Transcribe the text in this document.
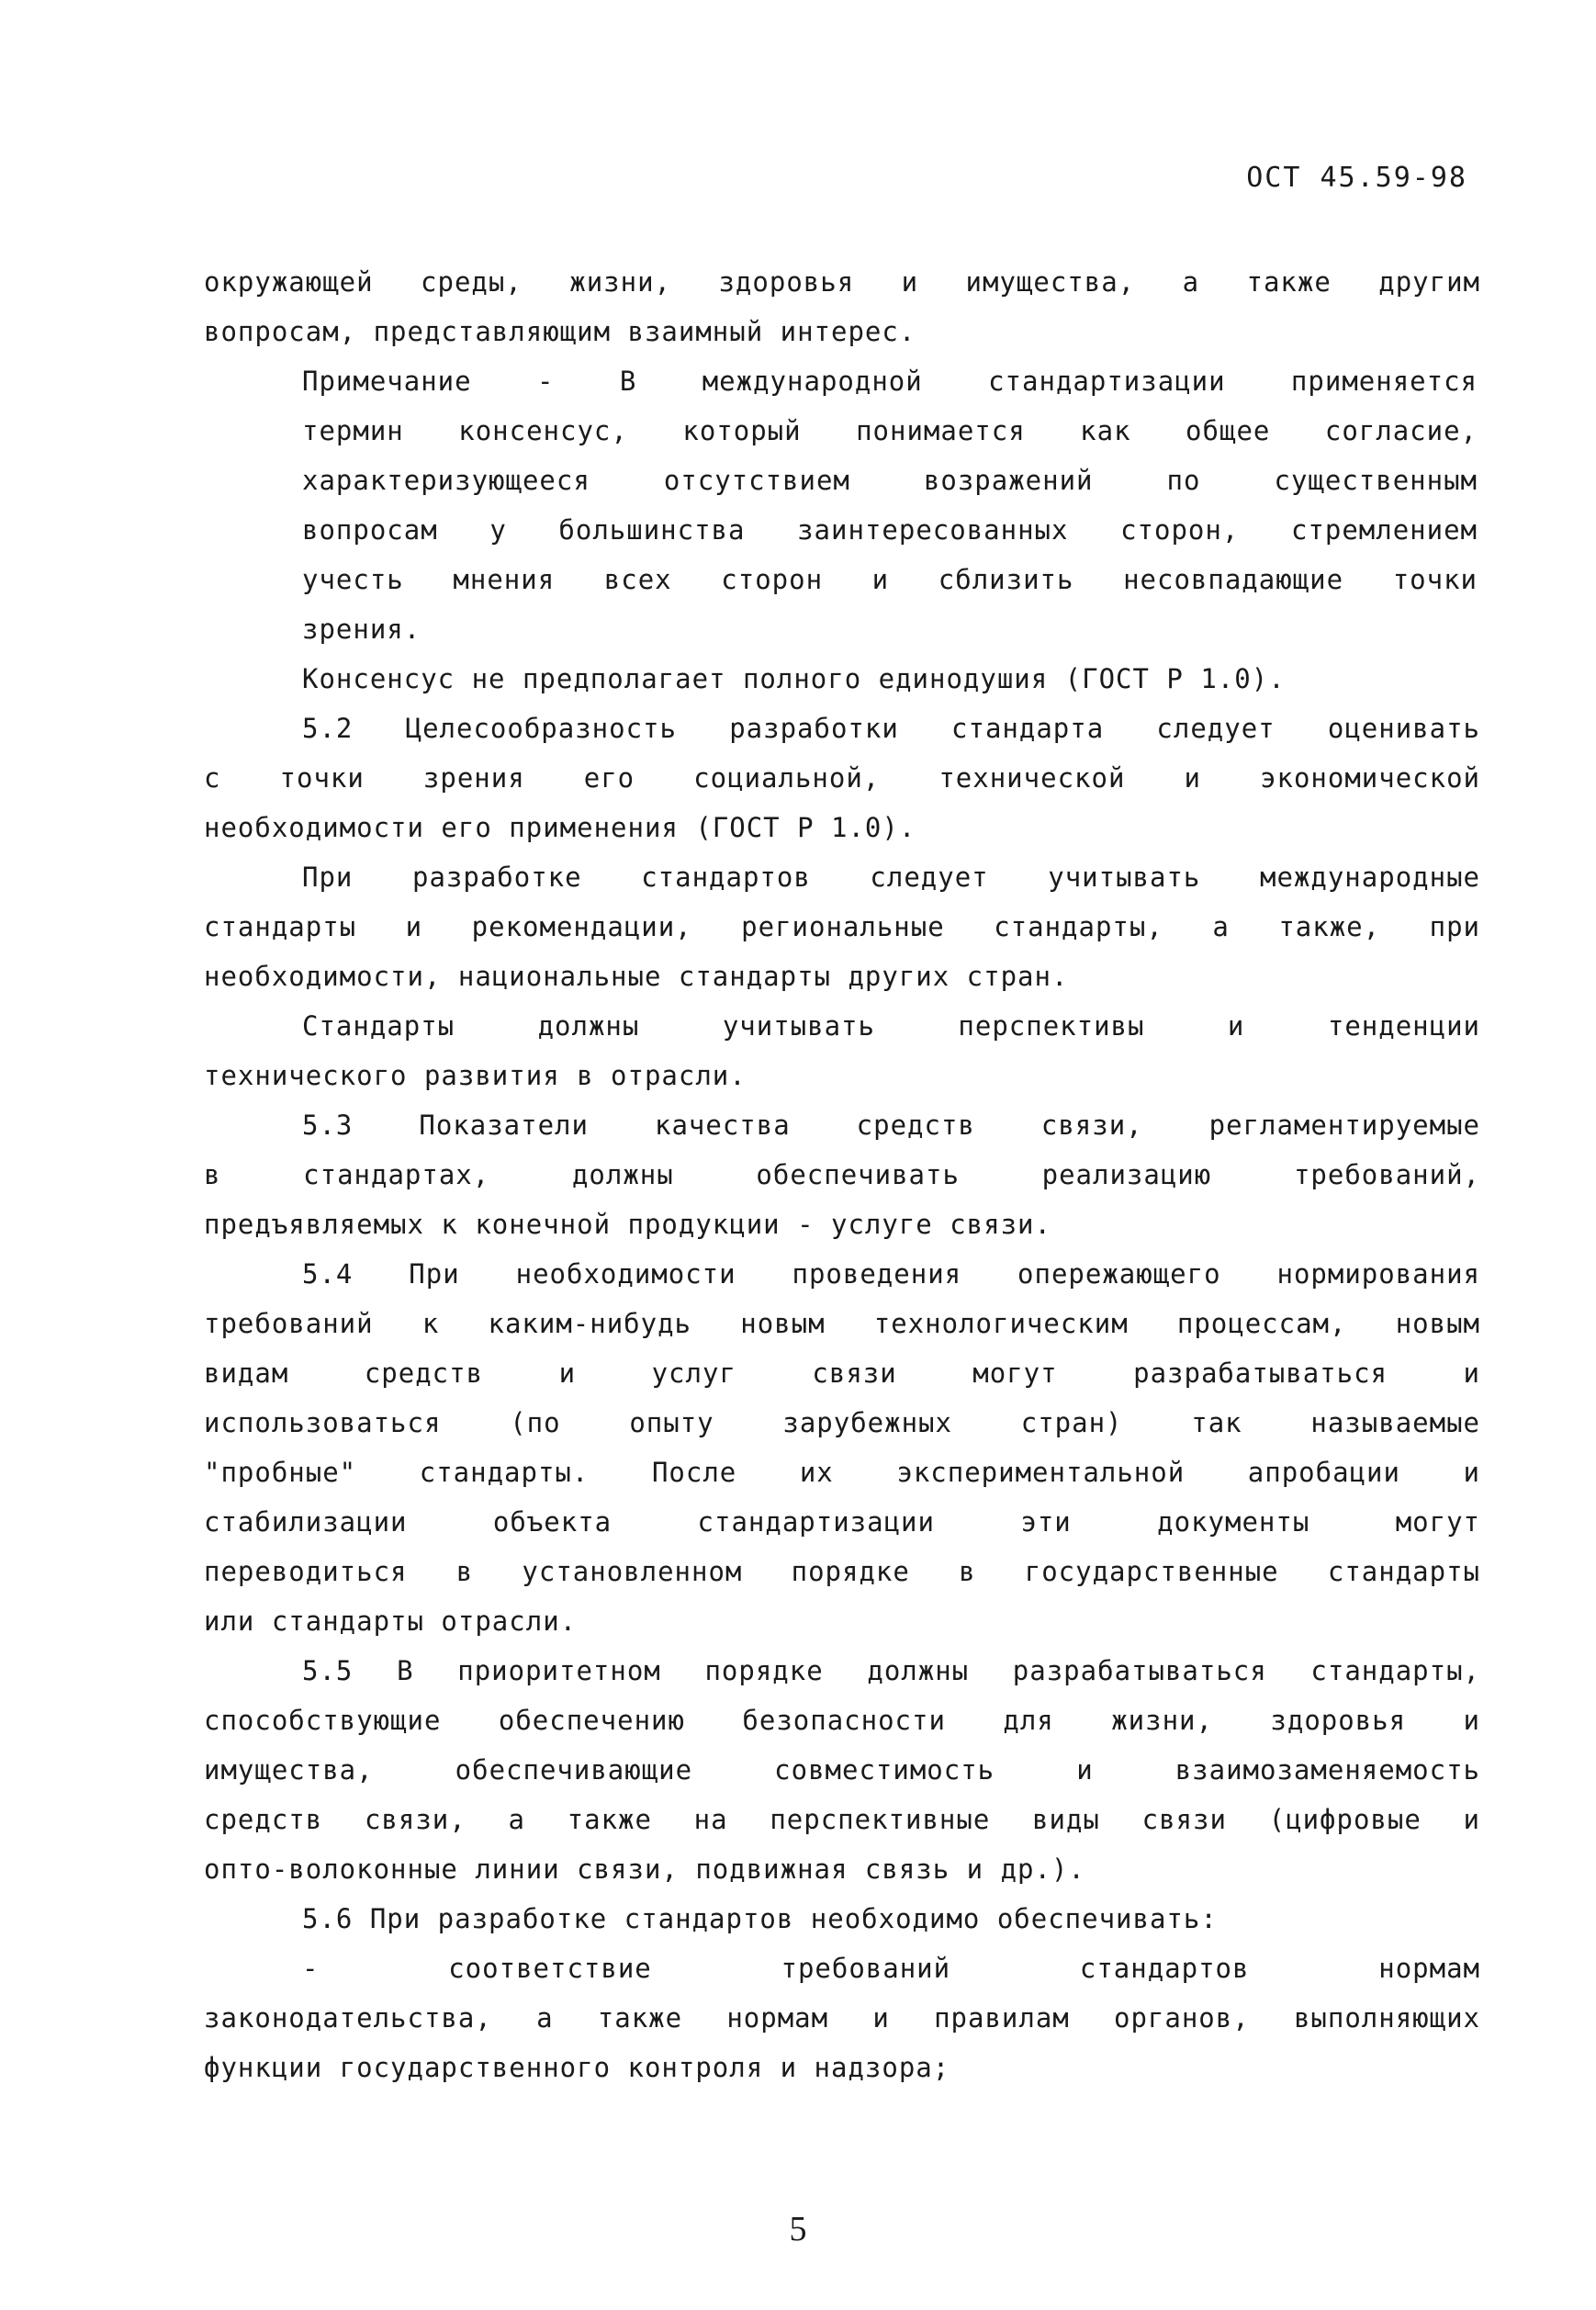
ОСТ 45.59-98
окружающей среды, жизни, здоровья и имущества, а также другим
вопросам, представляющим взаимный интерес.
Примечание - В международной стандартизации применяется
термин консенсус, который понимается как общее согласие,
характеризующееся отсутствием возражений по существенным
вопросам у большинства заинтересованных сторон, стремлением
учесть мнения всех сторон и сблизить несовпадающие точки
зрения.
Консенсус не предполагает полного единодушия (ГОСТ Р 1.0).
5.2 Целесообразность разработки стандарта следует оценивать
с точки зрения его социальной, технической и экономической
необходимости его применения (ГОСТ Р 1.0).
При разработке стандартов следует учитывать международные
стандарты и рекомендации, региональные стандарты, а также, при
необходимости, национальные стандарты других стран.
Стандарты должны учитывать перспективы и тенденции
технического развития в отрасли.
5.3 Показатели качества средств связи, регламентируемые
в стандартах, должны обеспечивать реализацию требований,
предъявляемых к конечной продукции - услуге связи.
5.4 При необходимости проведения опережающего нормирования
требований к каким-нибудь новым технологическим процессам, новым
видам средств и услуг связи могут разрабатываться и
использоваться (по опыту зарубежных стран) так называемые
"пробные" стандарты. После их экспериментальной апробации и
стабилизации объекта стандартизации эти документы могут
переводиться в установленном порядке в государственные стандарты
или стандарты отрасли.
5.5 В приоритетном порядке должны разрабатываться стандарты,
способствующие обеспечению безопасности для жизни, здоровья и
имущества, обеспечивающие совместимость и взаимозаменяемость
средств связи, а также на перспективные виды связи (цифровые и
опто-волоконные линии связи, подвижная связь и др.).
5.6 При разработке стандартов необходимо обеспечивать:
- соответствие требований стандартов нормам
законодательства, а также нормам и правилам органов, выполняющих
функции государственного контроля и надзора;
5
